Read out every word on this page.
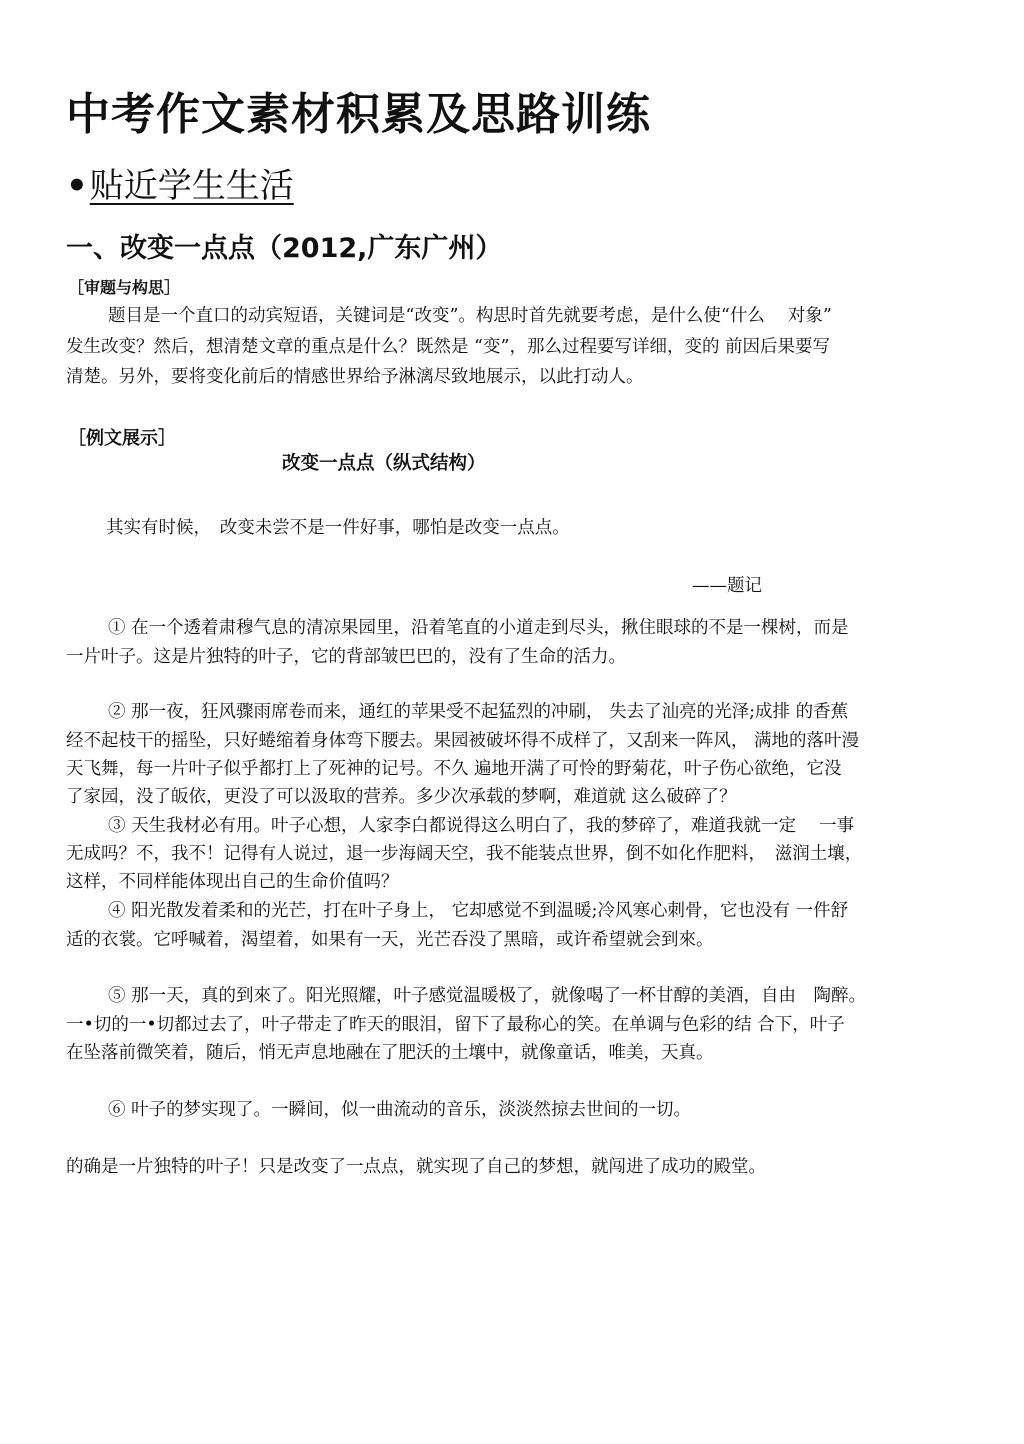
中考作文素材积累及思路训练
•贴近学生生活
一、改变一点点（2012,广东广州）
［审题与构思］
题目是一个直口的动宾短语，关键词是“改变”。构思时首先就要考虑，是什么使“什么　 对象”
发生改变？然后，想清楚文章的重点是什么？既然是 “变”，那么过程要写详细，变的 前因后果要写
清楚。另外，要将变化前后的情感世界给予淋漓尽致地展示，以此打动人。
［例文展示］
改变一点点（纵式结构）
其实有时候，　改变未尝不是一件好事，哪怕是改变一点点。
——题记
① 在一个透着肃穆气息的清凉果园里，沿着笔直的小道走到尽头，揪住眼球的不是一棵树，而是
一片叶子。这是片独特的叶子，它的背部皱巴巴的，没有了生命的活力。
② 那一夜，狂风骤雨席卷而来，通红的苹果受不起猛烈的冲刷， 失去了汕亮的光泽;成排 的香蕉
经不起枝干的摇坠，只好蜷缩着身体弯下腰去。果园被破坏得不成样了，又刮来一阵风， 满地的落叶漫
天飞舞，每一片叶子似乎都打上了死神的记号。不久 遍地开满了可怜的野菊花，叶子伤心欲绝，它没
了家园，没了皈依，更没了可以汲取的营养。多少次承载的梦啊，难道就 这么破碎了？
③ 天生我材必有用。叶子心想，人家李白都说得这么明白了，我的梦碎了，难道我就一定　 一事
无成吗？不，我不！记得有人说过，退一步海阔天空，我不能装点世界，倒不如化作肥料，　滋润土壤，
这样，不同样能体现出自己的生命价值吗？
④ 阳光散发着柔和的光芒，打在叶子身上， 它却感觉不到温暖;冷风寒心刺骨，它也没有 一件舒
适的衣裳。它呼喊着，渴望着，如果有一天，光芒吞没了黑暗，或许希望就会到來。
⑤ 那一天，真的到來了。阳光照耀，叶子感觉温暖极了，就像喝了一杯甘醇的美酒，自由　陶醉。
一•切的一•切都过去了，叶子带走了昨天的眼泪，留下了最称心的笑。在单调与色彩的结 合下，叶子
在坠落前微笑着，随后，悄无声息地融在了肥沃的土壤中，就像童话，唯美，天真。
⑥ 叶子的梦实现了。一瞬间，似一曲流动的音乐，淡淡然掠去世间的一切。
的确是一片独特的叶子！只是改变了一点点，就实现了自己的梦想，就闯进了成功的殿堂。
